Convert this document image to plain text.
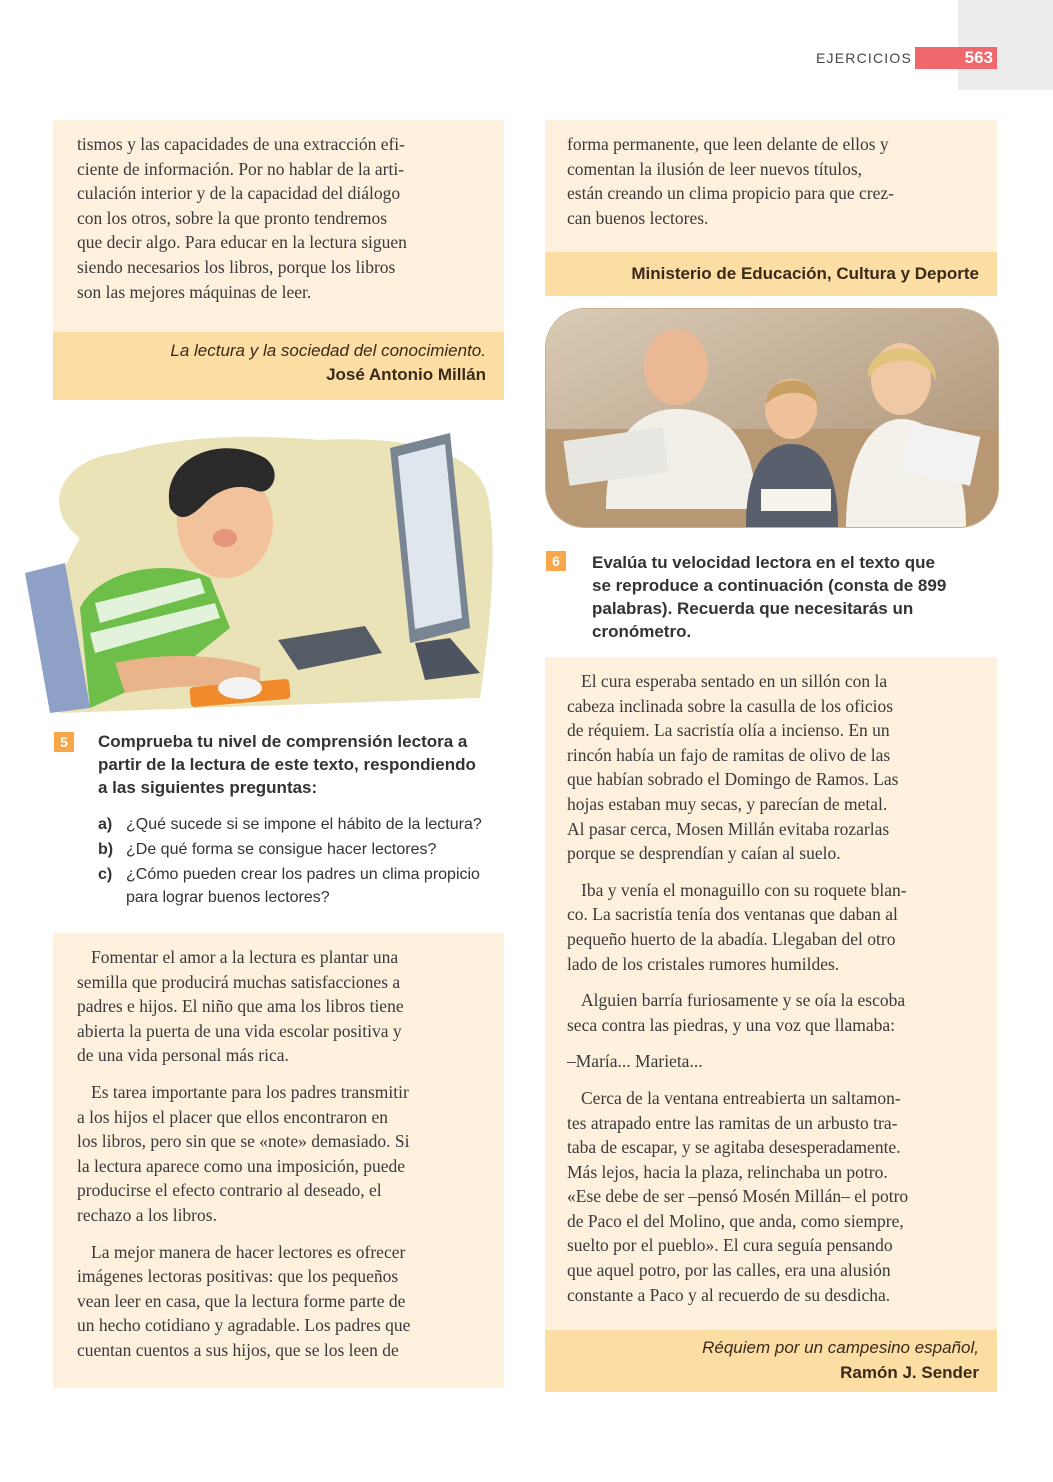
EJERCICIOS	563
tismos y las capacidades de una extracción efi-
ciente de información. Por no hablar de la arti-
culación interior y de la capacidad del diálogo
con los otros, sobre la que pronto tendremos
que decir algo. Para educar en la lectura siguen
siendo necesarios los libros, porque los libros
son las mejores máquinas de leer.
La lectura y la sociedad del conocimiento.
José Antonio Millán
forma permanente, que leen delante de ellos y
comentan la ilusión de leer nuevos títulos,
están creando un clima propicio para que crez-
can buenos lectores.
Ministerio de Educación, Cultura y Deporte
5	Comprueba tu nivel de comprensión lectora a
partir de la lectura de este texto, respondiendo
a las siguientes preguntas:
a) ¿Qué sucede si se impone el hábito de la lectura?
b) ¿De qué forma se consigue hacer lectores?
c) ¿Cómo pueden crear los padres un clima propicio
para lograr buenos lectores?
Fomentar el amor a la lectura es plantar una
semilla que producirá muchas satisfacciones a
padres e hijos. El niño que ama los libros tiene
abierta la puerta de una vida escolar positiva y
de una vida personal más rica.
Es tarea importante para los padres transmitir
a los hijos el placer que ellos encontraron en
los libros, pero sin que se «note» demasiado. Si
la lectura aparece como una imposición, puede
producirse el efecto contrario al deseado, el
rechazo a los libros.
La mejor manera de hacer lectores es ofrecer
imágenes lectoras positivas: que los pequeños
vean leer en casa, que la lectura forme parte de
un hecho cotidiano y agradable. Los padres que
cuentan cuentos a sus hijos, que se los leen de
6	Evalúa tu velocidad lectora en el texto que
se reproduce a continuación (consta de 899
palabras). Recuerda que necesitarás un
cronómetro.
El cura esperaba sentado en un sillón con la
cabeza inclinada sobre la casulla de los oficios
de réquiem. La sacristía olía a incienso. En un
rincón había un fajo de ramitas de olivo de las
que habían sobrado el Domingo de Ramos. Las
hojas estaban muy secas, y parecían de metal.
Al pasar cerca, Mosen Millán evitaba rozarlas
porque se desprendían y caían al suelo.
Iba y venía el monaguillo con su roquete blan-
co. La sacristía tenía dos ventanas que daban al
pequeño huerto de la abadía. Llegaban del otro
lado de los cristales rumores humildes.
Alguien barría furiosamente y se oía la escoba
seca contra las piedras, y una voz que llamaba:
–María... Marieta...
Cerca de la ventana entreabierta un saltamon-
tes atrapado entre las ramitas de un arbusto tra-
taba de escapar, y se agitaba desesperadamente.
Más lejos, hacia la plaza, relinchaba un potro.
«Ese debe de ser –pensó Mosén Millán– el potro
de Paco el del Molino, que anda, como siempre,
suelto por el pueblo». El cura seguía pensando
que aquel potro, por las calles, era una alusión
constante a Paco y al recuerdo de su desdicha.
Réquiem por un campesino español,
Ramón J. Sender
